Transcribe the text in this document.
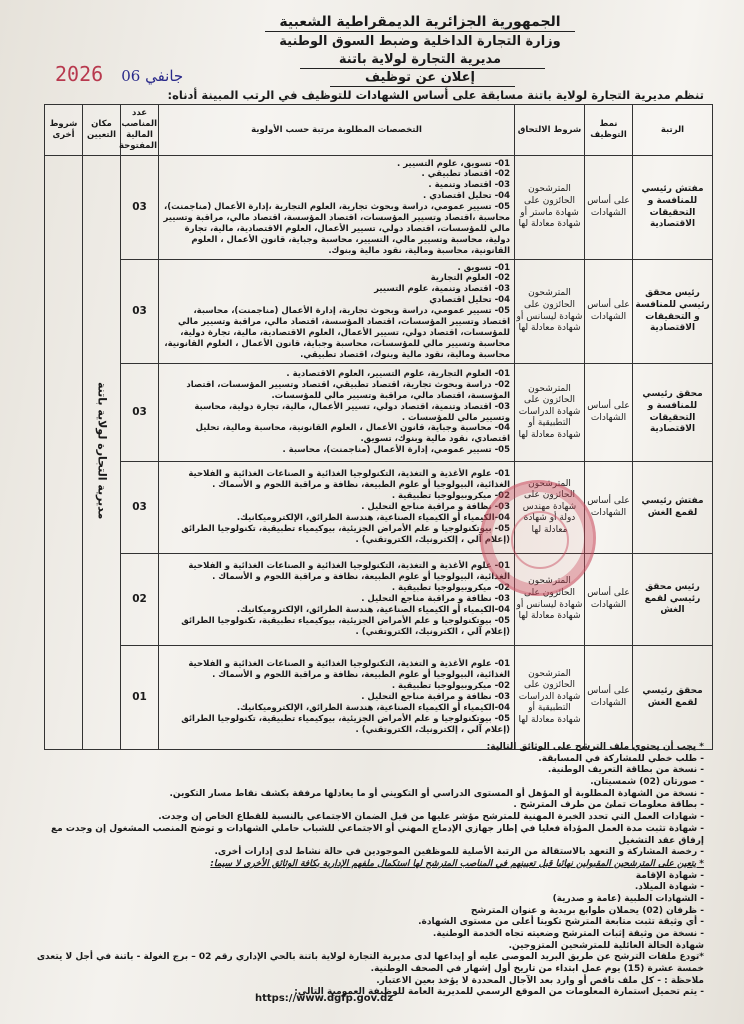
الجمهورية الجزائرية الديمقراطية الشعبية
وزارة التجارة الداخلية وضبط السوق الوطنية
مديرية التجارة لولاية باتنة
إعلان عن توظيف
2026 جانفي 06
تنظم مديرية التجارة لولاية باتنة مسابقة على أساس الشهادات للتوظيف في الرتب المبينة أدناه:
الرتبة	نمط التوظيف	شروط الالتحاق	التخصصات المطلوبة مرتبة حسب الأولوية	عدد المناصب المالية المفتوحة	مكان التعيين	شروط أخرى
مفتش رئيسي للمنافسة و التحقيقات الاقتصادية	على أساس الشهادات	المترشحون الحائزون على شهادة ماستر أو شهادة معادلة لها	01- تسويق، علوم التسيير .
02- اقتصاد تطبيقي .
03- اقتصاد وتنمية .
04- تحليل اقتصادي .
05- تسيير عمومي، دراسة وبحوث تجارية، العلوم التجارية ،إدارة الأعمال (مناجمنت)، محاسبة ،اقتصاد وتسيير المؤسسات، اقتصاد المؤسسة، اقتصاد مالي، مراقبة وتسيير مالي للمؤسسات، اقتصاد دولي، تسيير الأعمال، العلوم الاقتصادية، مالية، تجارة دولية، محاسبة وتسيير مالي، التسيير، محاسبة وجباية، قانون الأعمال ، العلوم القانونية، محاسبة ومالية، نقود مالية وبنوك.	03	مديرية التجارة لولاية باتنة	
رئيس محقق رئيسي للمنافسة و التحقيقات الاقتصادية	على أساس الشهادات	المترشحون الحائزون على شهادة ليسانس أو شهادة معادلة لها	01- تسويق .
02- العلوم التجارية
03- اقتصاد وتنمية، علوم التسيير
04- تحليل اقتصادي
05- تسيير عمومي، دراسة وبحوث تجارية، إدارة الأعمال (مناجمنت)، محاسبة، اقتصاد وتسيير المؤسسات، اقتصاد المؤسسة، اقتصاد مالي، مراقبة وتسيير مالي للمؤسسات، اقتصاد دولي، تسيير الأعمال، العلوم الاقتصادية، مالية، تجارة دولية، محاسبة وتسيير مالي للمؤسسات، محاسبة وجباية، قانون الأعمال ، العلوم القانونية، محاسبة ومالية، نقود مالية وبنوك، اقتصاد تطبيقي.	03		
محقق رئيسي للمنافسة و التحقيقات الاقتصادية	على أساس الشهادات	المترشحون الحائزون على شهادة الدراسات التطبيقية أو شهادة معادلة لها	01- العلوم التجارية، علوم التسيير، العلوم الاقتصادية .
02- دراسة وبحوث تجارية، اقتصاد تطبيقي، اقتصاد وتسيير المؤسسات، اقتصاد المؤسسة، اقتصاد مالي، مراقبة وتسيير مالي للمؤسسات.
03- اقتصاد وتنمية، اقتصاد دولي، تسيير الأعمال، مالية، تجارة دولية، محاسبة وتسيير مالي للمؤسسات .
04- محاسبة وجباية، قانون الأعمال ، العلوم القانونية، محاسبة ومالية، تحليل اقتصادي، نقود مالية وبنوك، تسويق.
05- تسيير عمومي، إدارة الأعمال (مناجمنت)، محاسبة .	03		
مفتش رئيسي لقمع الغش	على أساس الشهادات	المترشحون الحائزون على شهادة مهندس دولة أو شهادة معادلة لها	01- علوم الأغذية و التغذية، التكنولوجيا الغذائية و الصناعات الغذائية و الفلاحية الغذائية، البيولوجيا أو علوم الطبيعة، نظافة و مراقبة اللحوم و الأسماك .
02- ميكروبيولوجيا تطبيقية .
03- نظافة و مراقبة مناجع التحليل .
04-الكيمياء أو الكيمياء الصناعية، هندسة الطرائق، الإلكتروميكانيك.
05- بيوتكنولوجيا و علم الأمراض الجزيئية، بيوكيمياء تطبيقية، تكنولوجيا الطرائق (إعلام آلي ، إلكترونيك، الكتروتقني) .	03		
رئيس محقق رئيسي لقمع الغش	على أساس الشهادات	المترشحون الحائزون على شهادة ليسانس أو شهادة معادلة لها	01- علوم الأغذية و التغذية، التكنولوجيا الغذائية و الصناعات الغذائية و الفلاحية الغذائية، البيولوجيا أو علوم الطبيعة، نظافة و مراقبة اللحوم و الأسماك .
02- ميكروبيولوجيا تطبيقية .
03- نظافة و مراقبة مناجع التحليل .
04-الكيمياء أو الكيمياء الصناعية، هندسة الطرائق، الإلكتروميكانيك.
05- بيوتكنولوجيا و علم الأمراض الجزيئية، بيوكيمياء تطبيقية، تكنولوجيا الطرائق (إعلام آلي ، الكترونيك، الكتروتقني) .	02		
محقق رئيسي لقمع الغش	على أساس الشهادات	المترشحون الحائزون على شهادة الدراسات التطبيقية أو شهادة معادلة لها	01- علوم الأغذية و التغذية، التكنولوجيا الغذائية و الصناعات الغذائية و الفلاحية الغذائية، البيولوجيا أو علوم الطبيعة، نظافة و مراقبة اللحوم و الأسماك .
02- ميكروبيولوجيا تطبيقية .
03- نظافة و مراقبة مناجع التحليل .
04-الكيمياء أو الكيمياء الصناعية، هندسة الطرائق، الإلكتروميكانيك.
05- بيوتكنولوجيا و علم الأمراض الجزيئية، بيوكيمياء تطبيقية، تكنولوجيا الطرائق (إعلام آلي ، إلكترونيك، الكتروتقني) .	01		
* يجب أن يحتوي ملف الترشح على الوثائق التالية:
- طلب خطي للمشاركة في المسابقة.
- نسخة من بطاقة التعريف الوطنية.
- صورتان (02) شمسيتان.
- نسخة من الشهادة المطلوبة أو المؤهل أو المستوى الدراسي أو التكويني أو ما يعادلها مرفقة بكشف نقاط مسار التكوين.
- بطاقة معلومات تملئ من طرف المترشح .
- شهادات العمل التي تحدد الخبرة المهنية للمترشح مؤشر عليها من قبل الضمان الاجتماعي بالنسبة للقطاع الخاص إن وجدت.
- شهادة تثبت مدة العمل المؤداة فعليا في إطار جهازي الإدماج المهني أو الاجتماعي للشباب حاملي الشهادات و توضح المنصب المشغول إن وجدت مع إرفاق عقد التشغيل
- رخصة المشاركة و التعهد بالاستقالة من الرتبة الأصلية للموظفين الموجودين في حالة نشاط لدى إدارات أخرى.
* يتعين على المترشحين المقبولين نهائيا قبل تعيينهم في المناصب المترشح لها استكمال ملفهم الإدارية بكافة الوثائق الأخرى لا سيما:
- شهادة الإقامة
- شهادة الميلاد.
- الشهادات الطبية (عامة و صدرية)
- ظرفان (02) يحملان طوابع بريدية و عنوان المترشح
- أي وثيقة تثبت متابعة المترشح تكوينا أعلى من مستوى الشهادة.
- نسخة من وثيقة إثبات المترشح وضعيته تجاه الخدمة الوطنية.
شهادة الحالة العائلية للمترشحين المتزوجين.
*تودع ملفات الترشح عن طريق البريد الموصى عليه أو إيداعها لدى مديرية التجارة لولاية باتنة بالحي الإداري رقم 02 – برج الغولة - باتنة في أجل لا يتعدى خمسة عشرة (15) يوم عمل ابتداء من تاريخ أول إشهار في الصحف الوطنية.
ملاحظة : - كل ملف ناقص أو وارد بعد الآجال المحددة لا يؤخذ بعين الاعتبار.
- يتم تحميل استمارة المعلومات من الموقع الرسمي للمديرية العامة للوظيفة العمومية التالي:
https://www.dgfp.gov.dz
